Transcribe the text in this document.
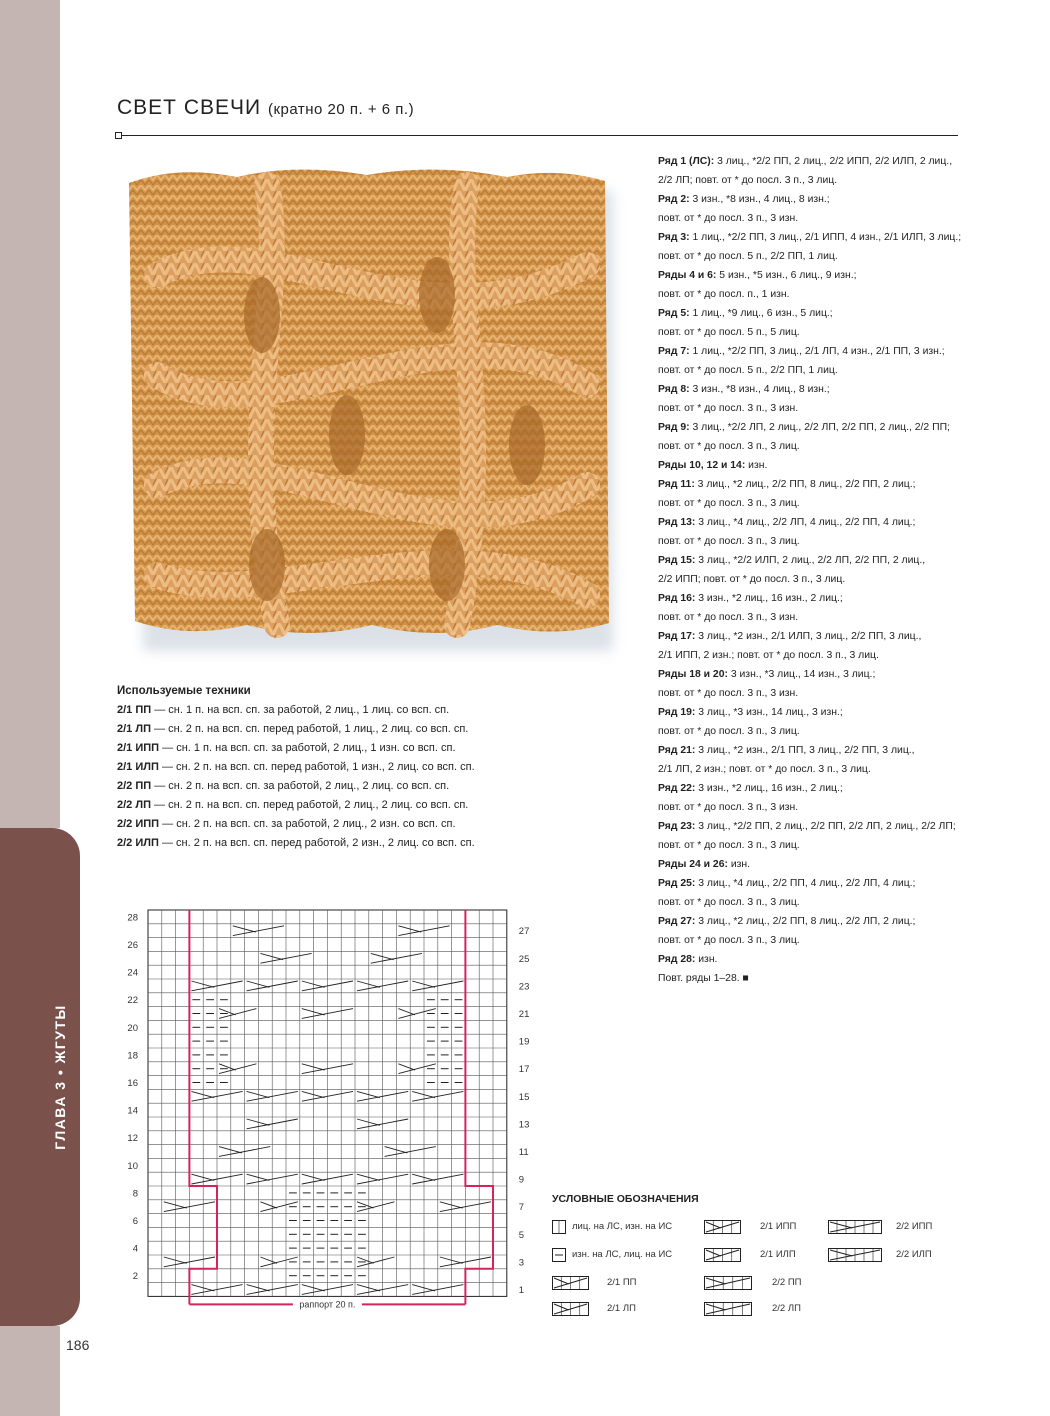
ГЛАВА 3 • ЖГУТЫ
186
СВЕТ СВЕЧИ (кратно 20 п. + 6 п.)
Используемые техники
2/1 ПП — сн. 1 п. на всп. сп. за работой, 2 лиц., 1 лиц. со всп. сп.
2/1 ЛП — сн. 2 п. на всп. сп. перед работой, 1 лиц., 2 лиц. со всп. сп.
2/1 ИПП — сн. 1 п. на всп. сп. за работой, 2 лиц., 1 изн. со всп. сп.
2/1 ИЛП — сн. 2 п. на всп. сп. перед работой, 1 изн., 2 лиц. со всп. сп.
2/2 ПП — сн. 2 п. на всп. сп. за работой, 2 лиц., 2 лиц. со всп. сп.
2/2 ЛП — сн. 2 п. на всп. сп. перед работой, 2 лиц., 2 лиц. со всп. сп.
2/2 ИПП — сн. 2 п. на всп. сп. за работой, 2 лиц., 2 изн. со всп. сп.
2/2 ИЛП — сн. 2 п. на всп. сп. перед работой, 2 изн., 2 лиц. со всп. сп.
Ряд 1 (ЛС): 3 лиц., *2/2 ПП, 2 лиц., 2/2 ИПП, 2/2 ИЛП, 2 лиц.,
2/2 ЛП; повт. от * до посл. 3 п., 3 лиц.
Ряд 2: 3 изн., *8 изн., 4 лиц., 8 изн.;
повт. от * до посл. 3 п., 3 изн.
Ряд 3: 1 лиц., *2/2 ПП, 3 лиц., 2/1 ИПП, 4 изн., 2/1 ИЛП, 3 лиц.;
повт. от * до посл. 5 п., 2/2 ПП, 1 лиц.
Ряды 4 и 6: 5 изн., *5 изн., 6 лиц., 9 изн.;
повт. от * до посл. п., 1 изн.
Ряд 5: 1 лиц., *9 лиц., 6 изн., 5 лиц.;
повт. от * до посл. 5 п., 5 лиц.
Ряд 7: 1 лиц., *2/2 ПП, 3 лиц., 2/1 ЛП, 4 изн., 2/1 ПП, 3 изн.;
повт. от * до посл. 5 п., 2/2 ПП, 1 лиц.
Ряд 8: 3 изн., *8 изн., 4 лиц., 8 изн.;
повт. от * до посл. 3 п., 3 изн.
Ряд 9: 3 лиц., *2/2 ЛП, 2 лиц., 2/2 ЛП, 2/2 ПП, 2 лиц., 2/2 ПП;
повт. от * до посл. 3 п., 3 лиц.
Ряды 10, 12 и 14: изн.
Ряд 11: 3 лиц., *2 лиц., 2/2 ПП, 8 лиц., 2/2 ПП, 2 лиц.;
повт. от * до посл. 3 п., 3 лиц.
Ряд 13: 3 лиц., *4 лиц., 2/2 ЛП, 4 лиц., 2/2 ПП, 4 лиц.;
повт. от * до посл. 3 п., 3 лиц.
Ряд 15: 3 лиц., *2/2 ИЛП, 2 лиц., 2/2 ЛП, 2/2 ПП, 2 лиц.,
2/2 ИПП; повт. от * до посл. 3 п., 3 лиц.
Ряд 16: 3 изн., *2 лиц., 16 изн., 2 лиц.;
повт. от * до посл. 3 п., 3 изн.
Ряд 17: 3 лиц., *2 изн., 2/1 ИЛП, 3 лиц., 2/2 ПП, 3 лиц.,
2/1 ИПП, 2 изн.; повт. от * до посл. 3 п., 3 лиц.
Ряды 18 и 20: 3 изн., *3 лиц., 14 изн., 3 лиц.;
повт. от * до посл. 3 п., 3 изн.
Ряд 19: 3 лиц., *3 изн., 14 лиц., 3 изн.;
повт. от * до посл. 3 п., 3 лиц.
Ряд 21: 3 лиц., *2 изн., 2/1 ПП, 3 лиц., 2/2 ПП, 3 лиц.,
2/1 ЛП, 2 изн.; повт. от * до посл. 3 п., 3 лиц.
Ряд 22: 3 изн., *2 лиц., 16 изн., 2 лиц.;
повт. от * до посл. 3 п., 3 изн.
Ряд 23: 3 лиц., *2/2 ПП, 2 лиц., 2/2 ПП, 2/2 ЛП, 2 лиц., 2/2 ЛП;
повт. от * до посл. 3 п., 3 лиц.
Ряды 24 и 26: изн.
Ряд 25: 3 лиц., *4 лиц., 2/2 ПП, 4 лиц., 2/2 ЛП, 4 лиц.;
повт. от * до посл. 3 п., 3 лиц.
Ряд 27: 3 лиц., *2 лиц., 2/2 ПП, 8 лиц., 2/2 ЛП, 2 лиц.;
повт. от * до посл. 3 п., 3 лиц.
Ряд 28: изн.
Повт. ряды 1–28. ■
раппорт 20 п.
28
26
24
22
20
18
16
14
12
10
8
6
4
2
27
25
23
21
19
17
15
13
11
9
7
5
3
1
УСЛОВНЫЕ ОБОЗНАЧЕНИЯ
лиц. на ЛС, изн. на ИС
изн. на ЛС, лиц. на ИС
2/1 ПП
2/1 ЛП
2/1 ИПП
2/1 ИЛП
2/2 ПП
2/2 ЛП
2/2 ИПП
2/2 ИЛП
